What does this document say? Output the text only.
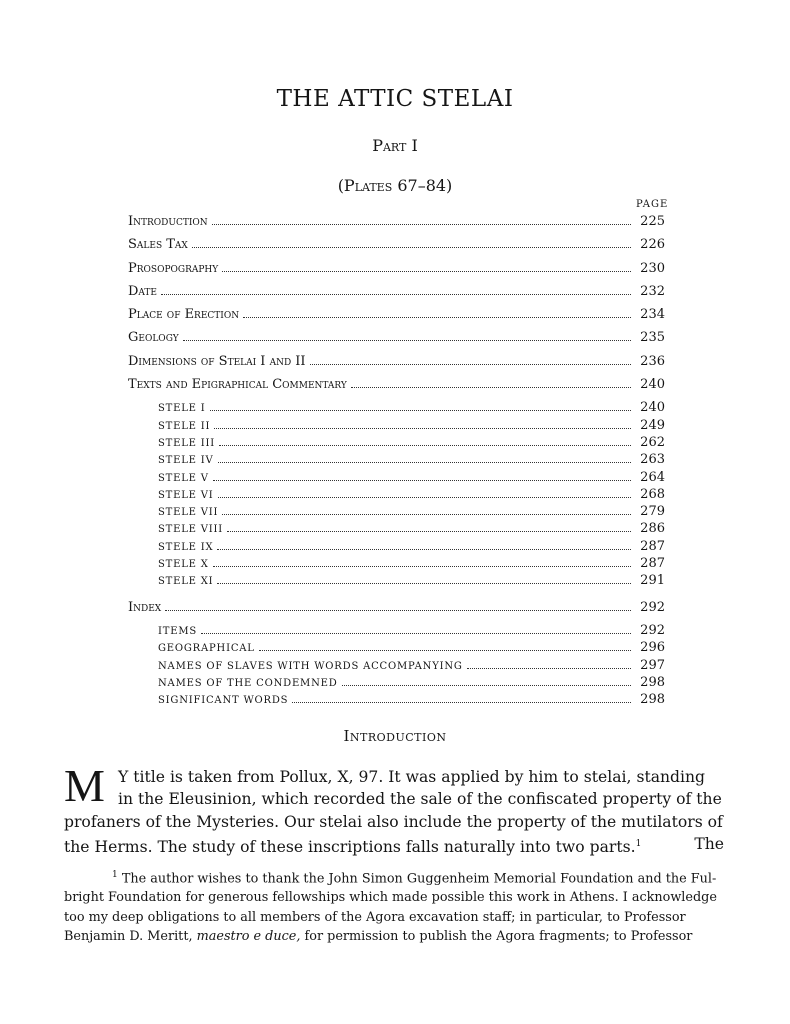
THE ATTIC STELAI
Part I
(Plates 67–84)
PAGE
Introduction	225
Sales Tax	226
Prosopography	230
Date	232
Place of Erection	234
Geology	235
Dimensions of Stelai I and II	236
Texts and Epigraphical Commentary	240
STELE I	240
STELE II	249
STELE III	262
STELE IV	263
STELE V	264
STELE VI	268
STELE VII	279
STELE VIII	286
STELE IX	287
STELE X	287
STELE XI	291
Index	292
ITEMS	292
GEOGRAPHICAL	296
NAMES OF SLAVES WITH WORDS ACCOMPANYING	297
NAMES OF THE CONDEMNED	298
SIGNIFICANT WORDS	298
Introduction
M Y title is taken from Pollux, X, 97. It was applied by him to stelai, standing
in the Eleusinion, which recorded the sale of the confiscated property of the
profaners of the Mysteries. Our stelai also include the property of the mutilators of
the Herms. The study of these inscriptions falls naturally into two parts.$^1$	The
$^1$ The author wishes to thank the John Simon Guggenheim Memorial Foundation and the Ful-
bright Foundation for generous fellowships which made possible this work in Athens. I acknowledge
too my deep obligations to all members of the Agora excavation staff; in particular, to Professor
Benjamin D. Meritt, maestro e duce, for permission to publish the Agora fragments; to Professor
